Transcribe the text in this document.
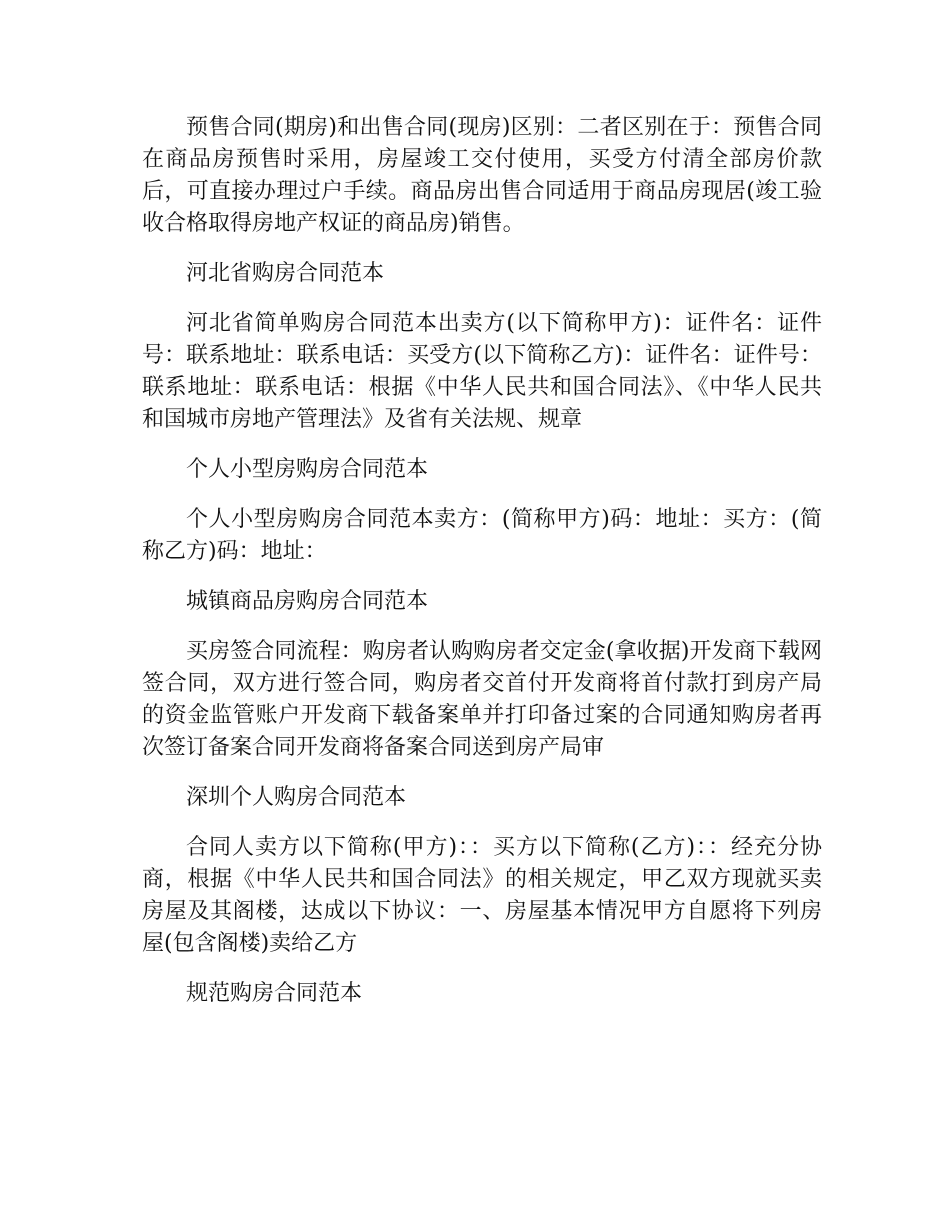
预售合同(期房)和出售合同(现房)区别：二者区别在于：预售合同在商品房预售时采用，房屋竣工交付使用，买受方付清全部房价款后，可直接办理过户手续。商品房出售合同适用于商品房现居(竣工验收合格取得房地产权证的商品房)销售。

河北省购房合同范本

河北省简单购房合同范本出卖方(以下简称甲方)：证件名：证件号：联系地址：联系电话：买受方(以下简称乙方)：证件名：证件号：联系地址：联系电话：根据《中华人民共和国合同法》、《中华人民共和国城市房地产管理法》及省有关法规、规章

个人小型房购房合同范本

个人小型房购房合同范本卖方：(简称甲方)码：地址：买方：(简称乙方)码：地址：

城镇商品房购房合同范本

买房签合同流程：购房者认购购房者交定金(拿收据)开发商下载网签合同，双方进行签合同，购房者交首付开发商将首付款打到房产局的资金监管账户开发商下载备案单并打印备过案的合同通知购房者再次签订备案合同开发商将备案合同送到房产局审

深圳个人购房合同范本

合同人卖方以下简称(甲方)：：买方以下简称(乙方)：：经充分协商，根据《中华人民共和国合同法》的相关规定，甲乙双方现就买卖房屋及其阁楼，达成以下协议：一、房屋基本情况甲方自愿将下列房屋(包含阁楼)卖给乙方

规范购房合同范本
